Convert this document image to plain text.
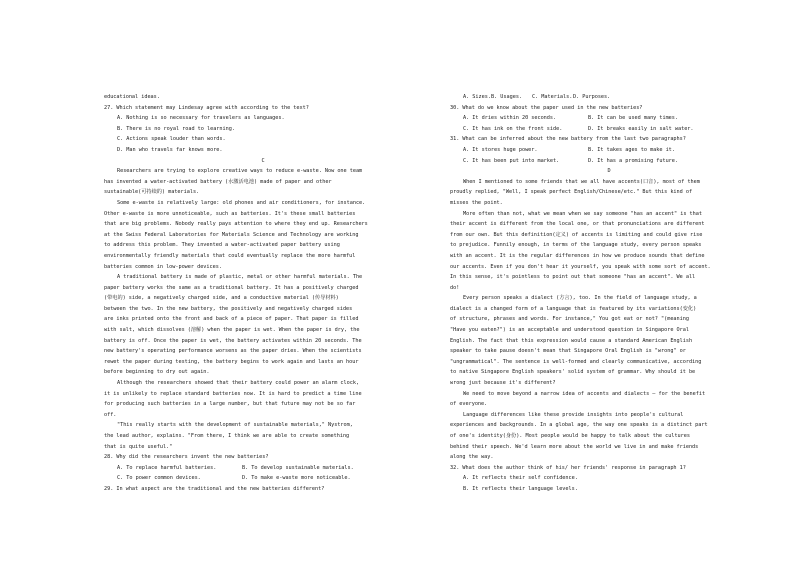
educational ideas.
27. Which statement may Lindesay agree with according to the text?
A. Nothing is so necessary for travelers as languages.
B. There is no royal road to learning.
C. Actions speak louder than words.
D. Man who travels far knows more.
C
Researchers are trying to explore creative ways to reduce e-waste. Now one team
has invented a water-activated battery (水激活电池) made of paper and other
sustainable(可持续的) materials.
Some e-waste is relatively large: old phones and air conditioners, for instance.
Other e-waste is more unnoticeable, such as batteries. It's these small batteries
that are big problems. Nobody really pays attention to where they end up. Researchers
at the Swiss Federal Laboratories for Materials Science and Technology are working
to address this problem. They invented a water-activated paper battery using
environmentally friendly materials that could eventually replace the more harmful
batteries common in low-power devices.
A traditional battery is made of plastic, metal or other harmful materials. The
paper battery works the same as a traditional battery. It has a positively charged
(带电的) side, a negatively charged side, and a conductive material (传导材料)
between the two. In the new battery, the positively and negatively charged sides
are inks printed onto the front and back of a piece of paper. That paper is filled
with salt, which dissolves (溶解) when the paper is wet. When the paper is dry, the
battery is off. Once the paper is wet, the battery activates within 20 seconds. The
new battery's operating performance worsens as the paper dries. When the scientists
rewet the paper during testing, the battery begins to work again and lasts an hour
before beginning to dry out again.
Although the researchers showed that their battery could power an alarm clock,
it is unlikely to replace standard batteries now. It is hard to predict a time line
for producing such batteries in a large number, but that future may not be so far
off.
"This really starts with the development of sustainable materials," Nystrom,
the lead author, explains. "From there, I think we are able to create something
that is quite useful."
28. Why did the researchers invent the new batteries?
A. To replace harmful batteries.	B. To develop sustainable materials.
C. To power common devices.	D. To make e-waste more noticeable.
29. In what aspect are the traditional and the new batteries different?
A. Sizes. B. Usages.	C. Materials. D. Purposes.
30. What do we know about the paper used in the new batteries?
A. It dries within 20 seconds.	B. It can be used many times.
C. It has ink on the front side.	D. It breaks easily in salt water.
31. What can be inferred about the new battery from the last two paragraphs?
A. It stores huge power.	B. It takes ages to make it.
C. It has been put into market.	D. It has a promising future.
D
When I mentioned to some friends that we all have accents(口音), most of them
proudly replied, "Well, I speak perfect English/Chinese/etc." But this kind of
misses the point.
More often than not, what we mean when we say someone "has an accent" is that
their accent is different from the local one, or that pronunciations are different
from our own. But this definition(定义) of accents is limiting and could give rise
to prejudice. Funnily enough, in terms of the language study, every person speaks
with an accent. It is the regular differences in how we produce sounds that define
our accents. Even if you don't hear it yourself, you speak with some sort of accent.
In this sense, it's pointless to point out that someone "has an accent". We all
do!
Every person speaks a dialect (方言), too. In the field of language study, a
dialect is a changed form of a language that is featured by its variations(变化)
of structure, phrases and words. For instance," You got eat or not? "(meaning
"Have you eaten?") is an acceptable and understood question in Singapore Oral
English. The fact that this expression would cause a standard American English
speaker to take pause doesn't mean that Singapore Oral English is "wrong" or
"ungrammatical". The sentence is well-formed and clearly communicative, according
to native Singapore English speakers' solid system of grammar. Why should it be
wrong just because it's different?
We need to move beyond a narrow idea of accents and dialects — for the benefit
of everyone.
Language differences like these provide insights into people's cultural
experiences and backgrounds. In a global age, the way one speaks is a distinct part
of one's identity(身份). Most people would be happy to talk about the cultures
behind their speech. We'd learn more about the world we live in and make friends
along the way.
32. What does the author think of his/ her friends' response in paragraph 1?
A. It reflects their self confidence.
B. It reflects their language levels.
